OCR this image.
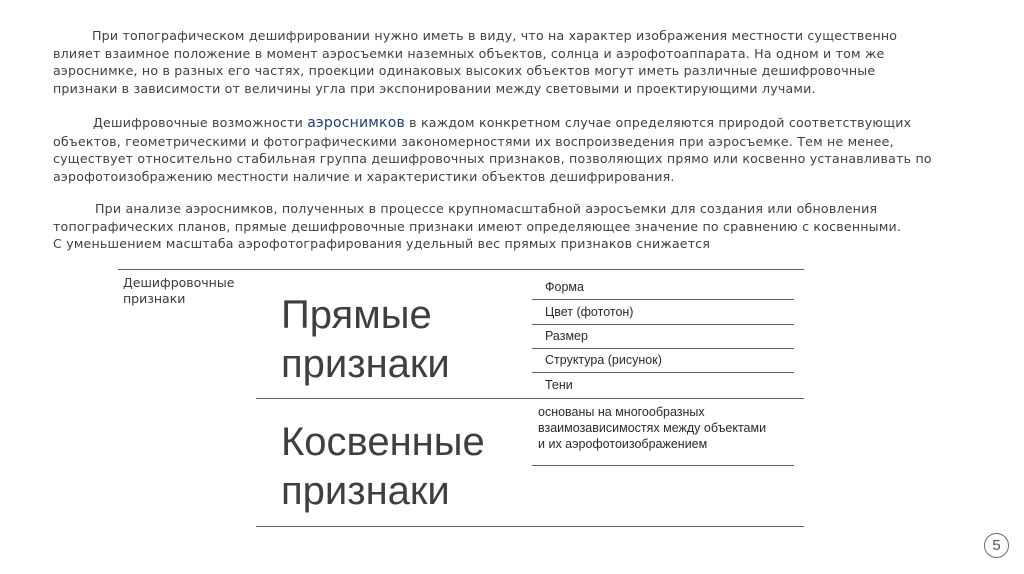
При топографическом дешифрировании нужно иметь в виду, что на характер изображения местности существенно
влияет взаимное положение в момент аэросъемки наземных объектов, солнца и аэрофотоаппарата. На одном и том же
аэроснимке, но в разных его частях, проекции одинаковых высоких объектов могут иметь различные дешифровочные
признаки в зависимости от величины угла при экспонировании между световыми и проектирующими лучами.
Дешифровочные возможности аэроснимков в каждом конкретном случае определяются природой соответствующих
объектов, геометрическими и фотографическими закономерностями их воспроизведения при аэросъемке. Тем не менее,
существует относительно стабильная группа дешифровочных признаков, позволяющих прямо или косвенно устанавливать по
аэрофотоизображению местности наличие и характеристики объектов дешифрирования.
При анализе аэроснимков, полученных в процессе крупномасштабной аэросъемки для создания или обновления
топографических планов, прямые дешифровочные признаки имеют определяющее значение по сравнению с косвенными.
С уменьшением масштаба аэрофотографирования удельный вес прямых признаков снижается
Дешифровочные
признаки	Прямые
признаки
Форма
Цвет (фототон)
Размер
Структура (рисунок)
Тени
Косвенные
признаки
основаны на многообразных
взаимозависимостях между объектами
и их аэрофотоизображением
5
